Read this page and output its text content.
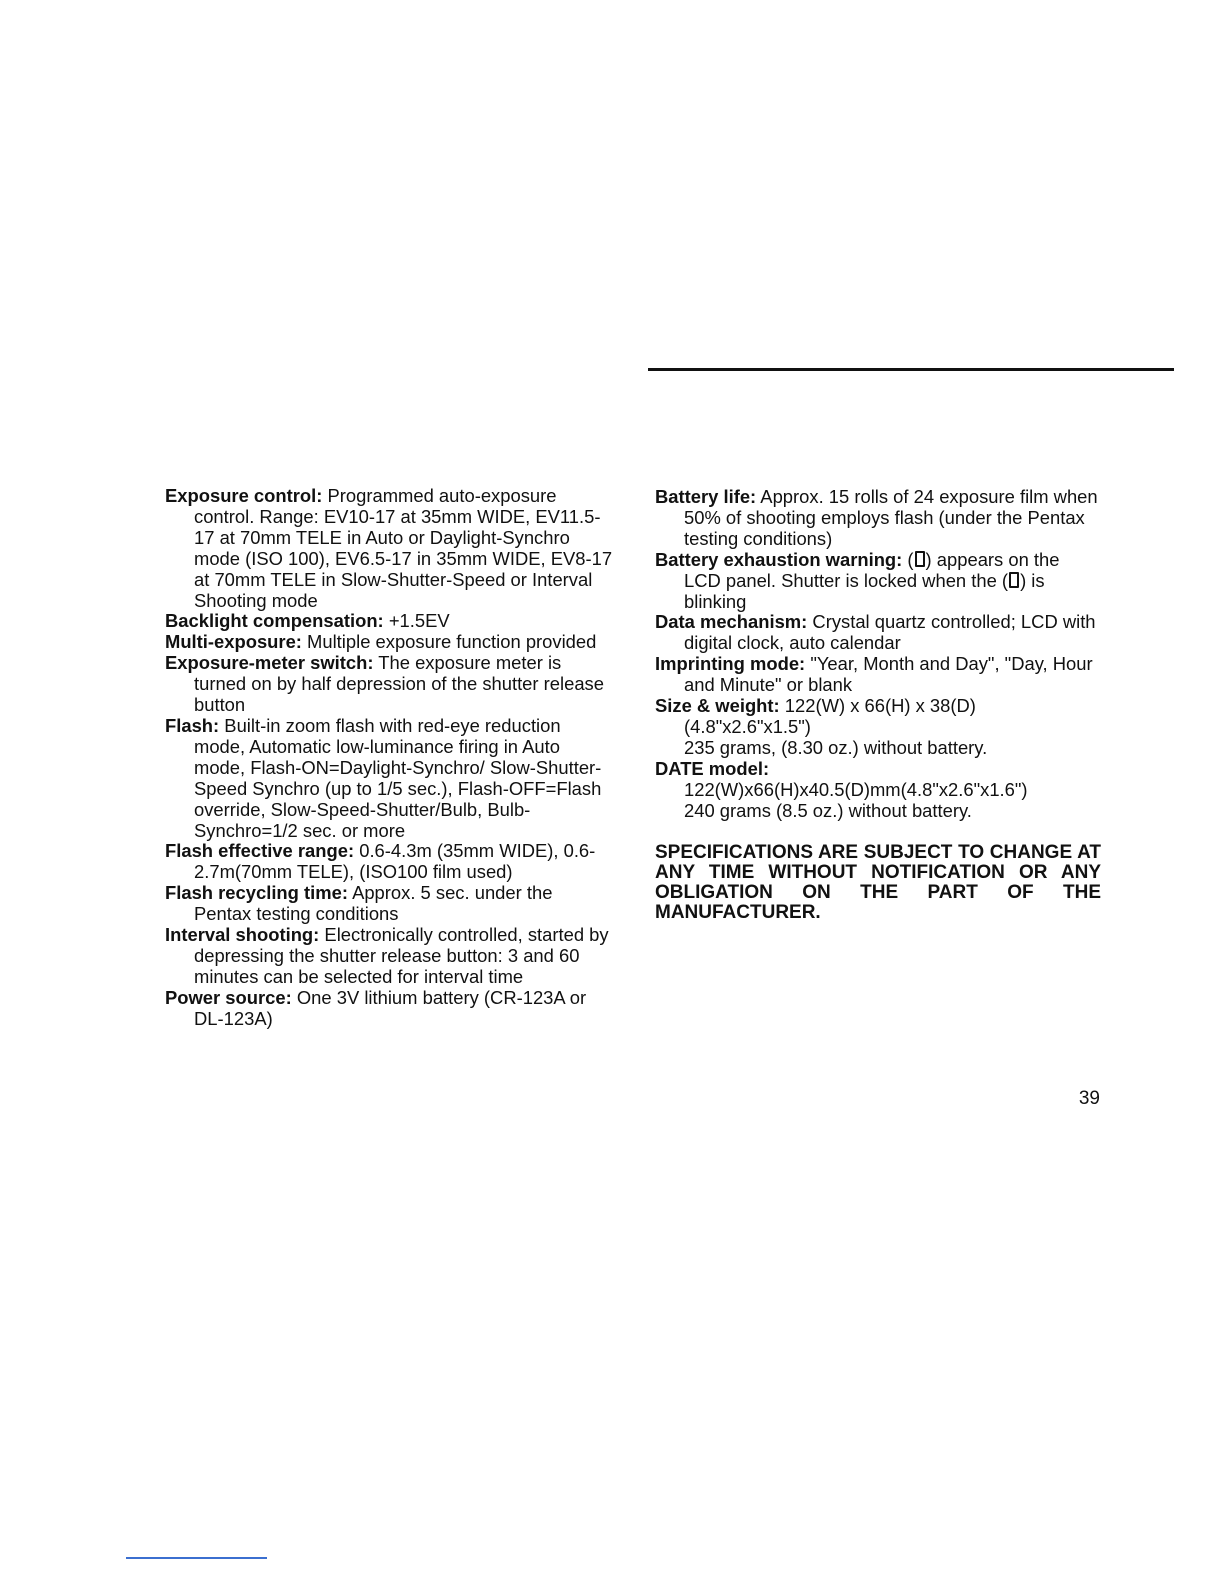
Exposure control: Programmed auto-exposure control. Range: EV10-17 at 35mm WIDE, EV11.5-17 at 70mm TELE in Auto or Daylight-Synchro mode (ISO 100), EV6.5-17 in 35mm WIDE, EV8-17 at 70mm TELE in Slow-Shutter-Speed or Interval Shooting mode

Backlight compensation: +1.5EV

Multi-exposure: Multiple exposure function provided

Exposure-meter switch: The exposure meter is turned on by half depression of the shutter release button

Flash: Built-in zoom flash with red-eye reduction mode, Automatic low-luminance firing in Auto mode, Flash-ON=Daylight-Synchro/ Slow-Shutter-Speed Synchro (up to 1/5 sec.), Flash-OFF=Flash override, Slow-Speed-Shutter/Bulb, Bulb-Synchro=1/2 sec. or more

Flash effective range: 0.6-4.3m (35mm WIDE), 0.6-2.7m(70mm TELE), (ISO100 film used)

Flash recycling time: Approx. 5 sec. under the Pentax testing conditions

Interval shooting: Electronically controlled, started by depressing the shutter release button: 3 and 60 minutes can be selected for interval time

Power source: One 3V lithium battery (CR-123A or DL-123A)

Battery life: Approx. 15 rolls of 24 exposure film when 50% of shooting employs flash (under the Pentax testing conditions)

Battery exhaustion warning: ( ) appears on the LCD panel. Shutter is locked when the ( ) is blinking

Data mechanism: Crystal quartz controlled; LCD with digital clock, auto calendar

Imprinting mode: "Year, Month and Day", "Day, Hour and Minute" or blank

Size & weight: 122(W) x 66(H) x 38(D)
(4.8"x2.6"x1.5")
235 grams, (8.30 oz.) without battery.

DATE model:
122(W)x66(H)x40.5(D)mm(4.8"x2.6"x1.6")
240 grams (8.5 oz.) without battery.

SPECIFICATIONS ARE SUBJECT TO CHANGE AT ANY TIME WITHOUT NOTIFICATION OR ANY OBLIGATION ON THE PART OF THE MANUFACTURER.

39
